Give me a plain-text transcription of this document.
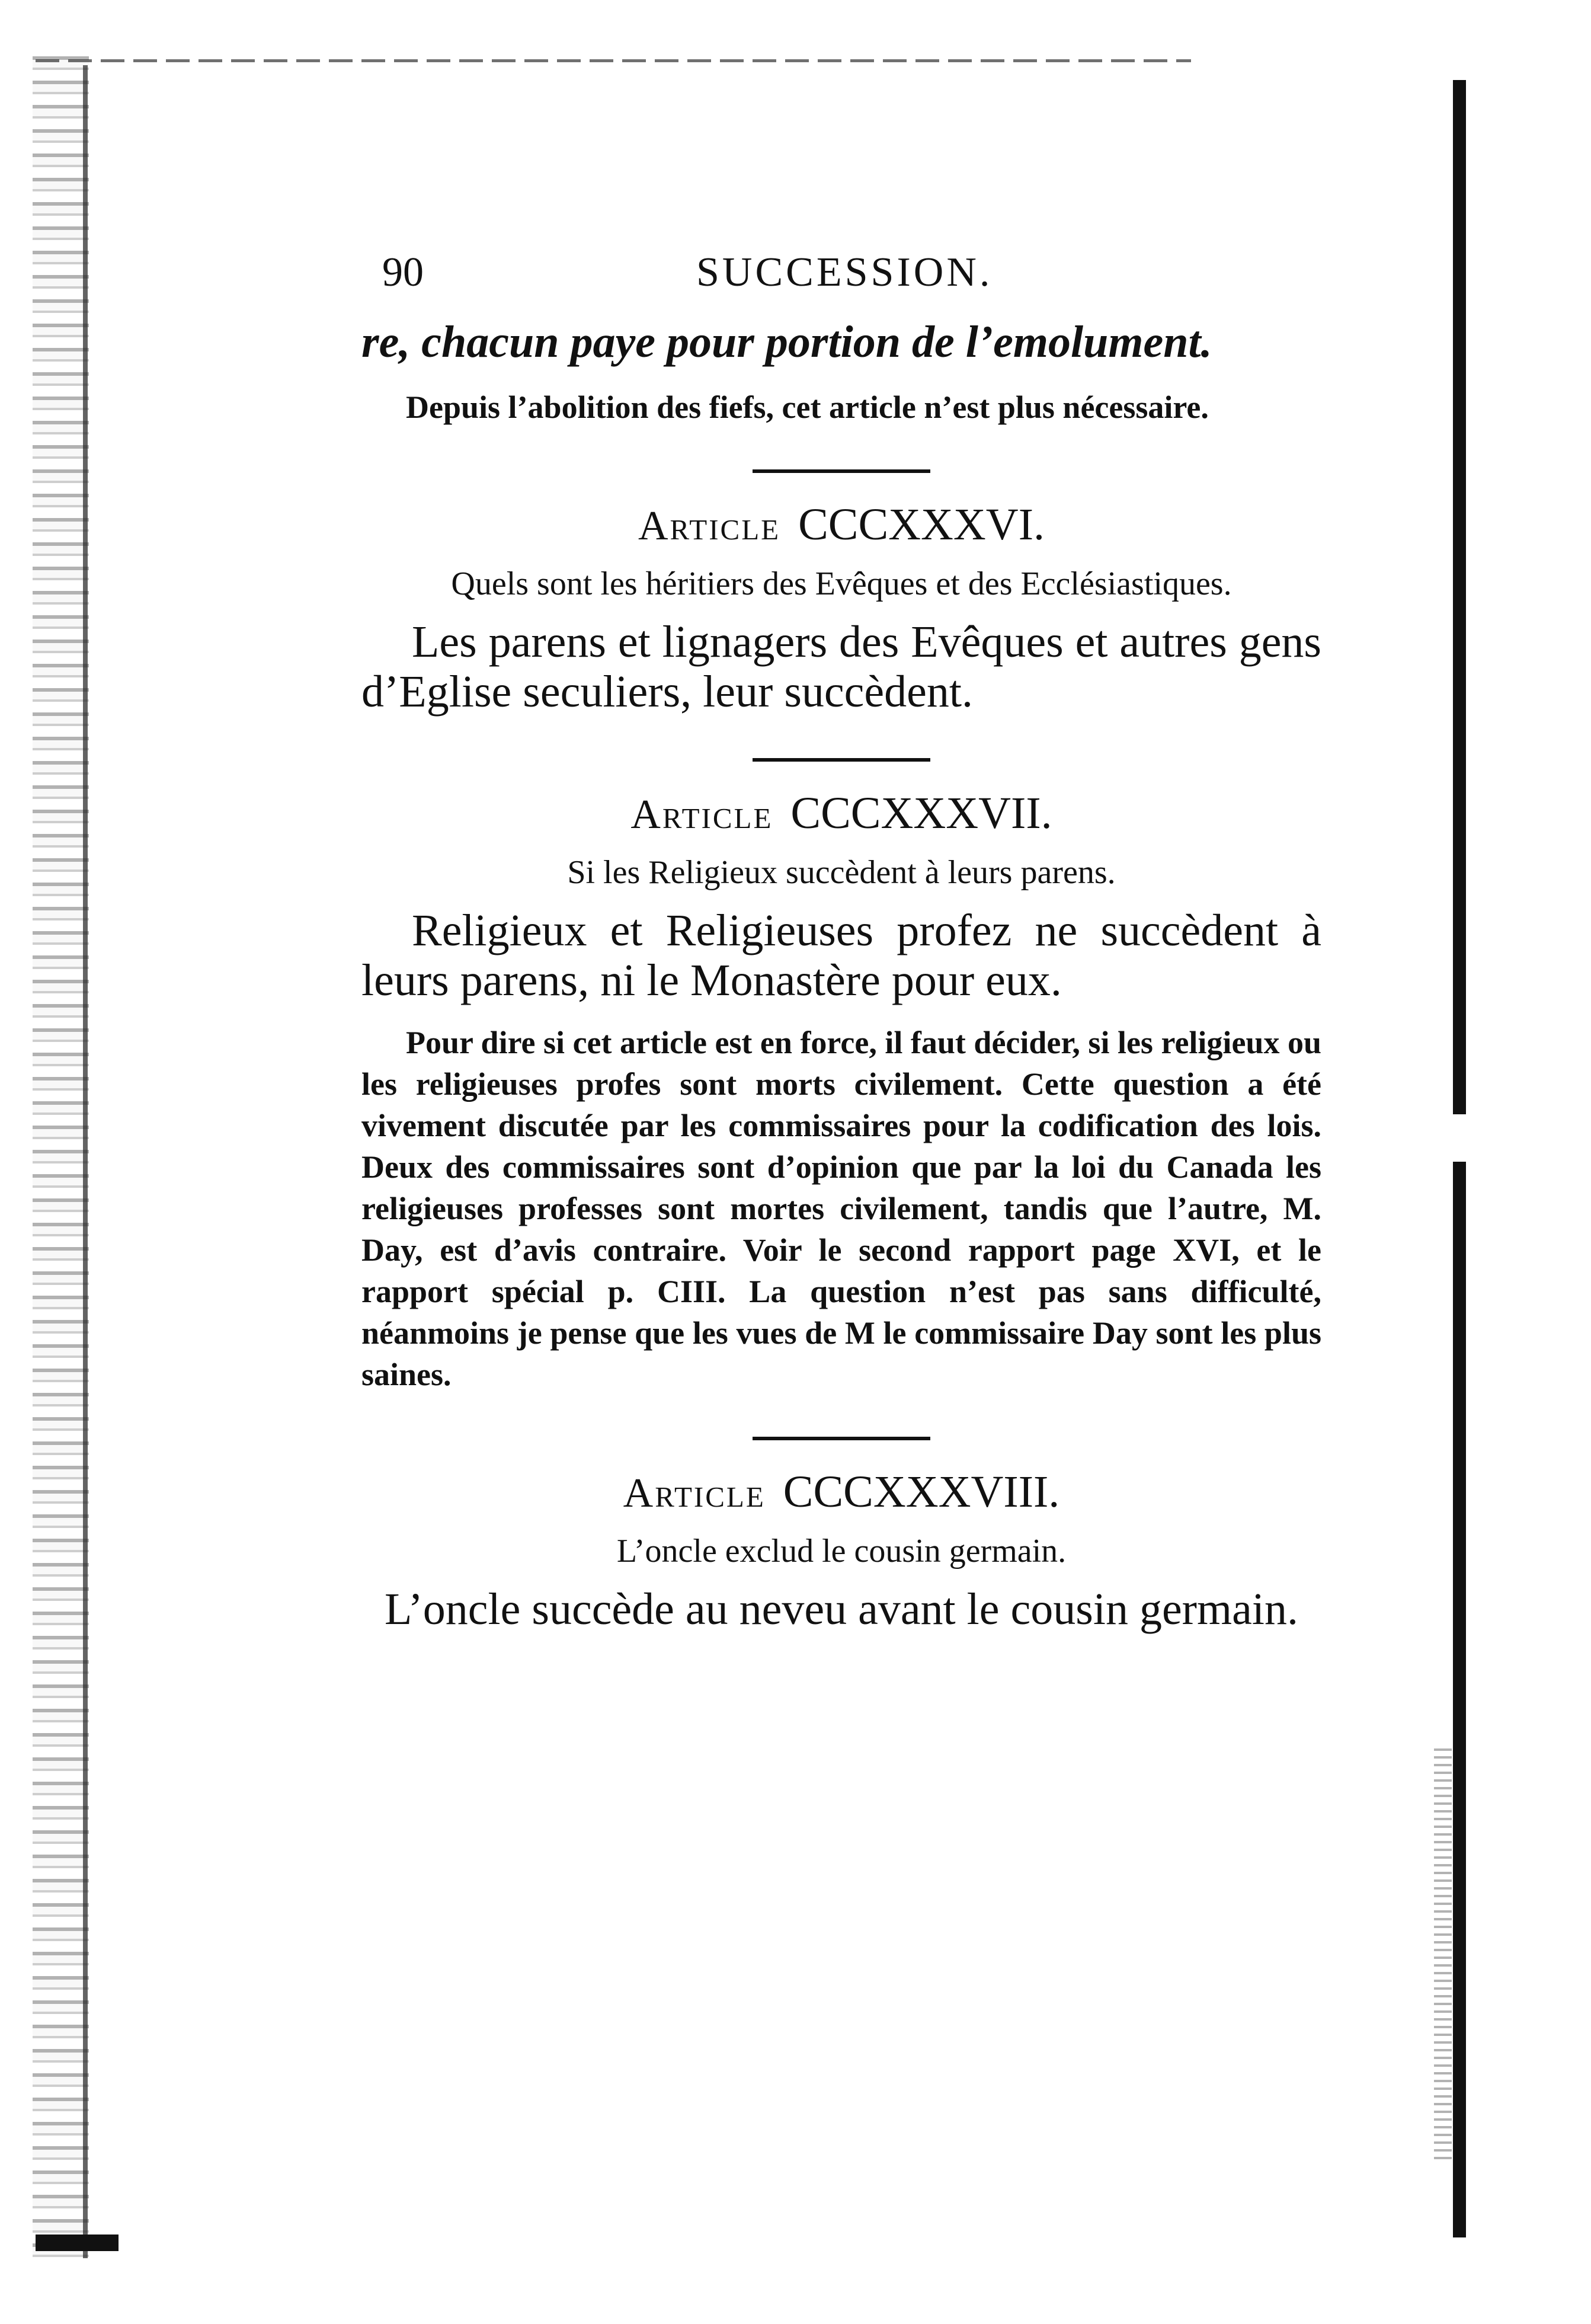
90	SUCCESSION.

re, chacun paye pour portion de l’emolument.

Depuis l’abolition des fiefs, cet article n’est plus nécessaire.

Article CCCXXXVI.

Quels sont les héritiers des Evêques et des Ecclésiastiques.

Les parens et lignagers des Evêques et autres gens d’Eglise seculiers, leur succèdent.

Article CCCXXXVII.

Si les Religieux succèdent à leurs parens.

Religieux et Religieuses profez ne succèdent à leurs parens, ni le Monastère pour eux.

Pour dire si cet article est en force, il faut décider, si les religieux ou les religieuses profes sont morts civilement. Cette question a été vivement discutée par les commissaires pour la codification des lois. Deux des commissaires sont d’opinion que par la loi du Canada les religieuses professes sont mortes civilement, tandis que l’autre, M. Day, est d’avis contraire. Voir le second rapport page XVI, et le rapport spécial p. CIII. La question n’est pas sans difficulté, néanmoins je pense que les vues de M le commissaire Day sont les plus saines.

Article CCCXXXVIII.

L’oncle exclud le cousin germain.

L’oncle succède au neveu avant le cousin germain.
